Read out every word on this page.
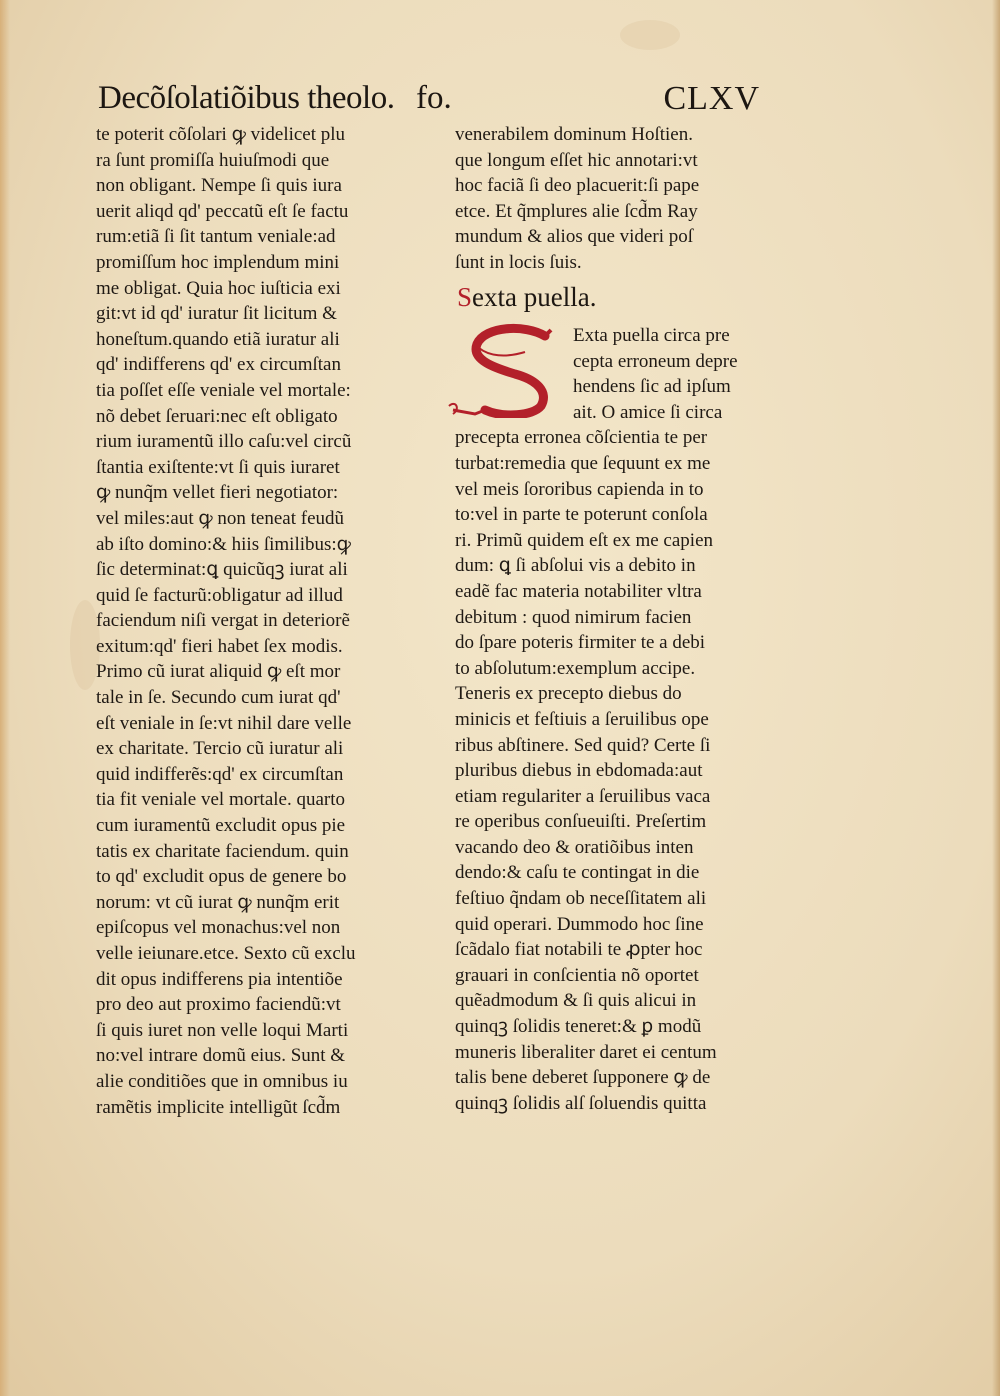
Decõſolatiõibus theolo. fo.	CLXV
te poterit cõſolari ꝙ videlicet plu
ra ſunt promiſſa huiuſmodi que
non obligant. Nempe ſi quis iura
uerit aliqd qd' peccatũ eſt ſe factu
rum:etiã ſi ſit tantum veniale:ad
promiſſum hoc implendum mini
me obligat. Quia hoc iuſticia exi
git:vt id qd' iuratur ſit licitum &
honeſtum.quando etiã iuratur ali
qd' indifferens qd' ex circumſtan
tia poſſet eſſe veniale vel mortale:
nõ debet ſeruari:nec eſt obligato
rium iuramentũ illo caſu:vel circũ
ſtantia exiſtente:vt ſi quis iuraret
ꝙ nunq̃m vellet fieri negotiator:
vel miles:aut ꝙ non teneat feudũ
ab iſto domino:& hiis ſimilibus:ꝙ
ſic determinat:ꝗ quicũqꝫ iurat ali
quid ſe facturũ:obligatur ad illud
faciendum niſi vergat in deteriorẽ
exitum:qd' fieri habet ſex modis.
Primo cũ iurat aliquid ꝙ eſt mor
tale in ſe. Secundo cum iurat qd'
eſt veniale in ſe:vt nihil dare velle
ex charitate. Tercio cũ iuratur ali
quid indifferẽs:qd' ex circumſtan
tia fit veniale vel mortale. quarto
cum iuramentũ excludit opus pie
tatis ex charitate faciendum. quin
to qd' excludit opus de genere bo
norum: vt cũ iurat ꝙ nunq̃m erit
epiſcopus vel monachus:vel non
velle ieiunare.etce. Sexto cũ exclu
dit opus indifferens pia intentiõe
pro deo aut proximo faciendũ:vt
ſi quis iuret non velle loqui Marti
no:vel intrare domũ eius. Sunt &
alie conditiões que in omnibus iu
ramẽtis implicite intelligũt ſcd̃m
venerabilem dominum Hoſtien.
que longum eſſet hic annotari:vt
hoc faciã ſi deo placuerit:ſi pape
etce. Et q̃mplures alie ſcd̃m Ray
mundum & alios que videri poſ
ſunt in locis ſuis.
Sexta puella.
Exta puella circa pre
cepta erroneum depre
hendens ſic ad ipſum
ait. O amice ſi circa
precepta erronea cõſcientia te per
turbat:remedia que ſequunt ex me
vel meis ſororibus capienda in to
to:vel in parte te poterunt conſola
ri. Primũ quidem eſt ex me capien
dum: ꝗ ſi abſolui vis a debito in
eadẽ fac materia notabiliter vltra
debitum : quod nimirum facien
do ſpare poteris firmiter te a debi
to abſolutum:exemplum accipe.
Teneris ex precepto diebus do
minicis et feſtiuis a ſeruilibus ope
ribus abſtinere. Sed quid? Certe ſi
pluribus diebus in ebdomada:aut
etiam regulariter a ſeruilibus vaca
re operibus conſueuiſti. Preſertim
vacando deo & oratiõibus inten
dendo:& caſu te contingat in die
feſtiuo q̃ndam ob neceſſitatem ali
quid operari. Dummodo hoc ſine
ſcãdalo fiat notabili te ꝓpter hoc
grauari in conſcientia nõ oportet
quẽadmodum & ſi quis alicui in
quinqꝫ ſolidis teneret:& ꝑ modũ
muneris liberaliter daret ei centum
talis bene deberet ſupponere ꝙ de
quinqꝫ ſolidis alſ ſoluendis quitta
